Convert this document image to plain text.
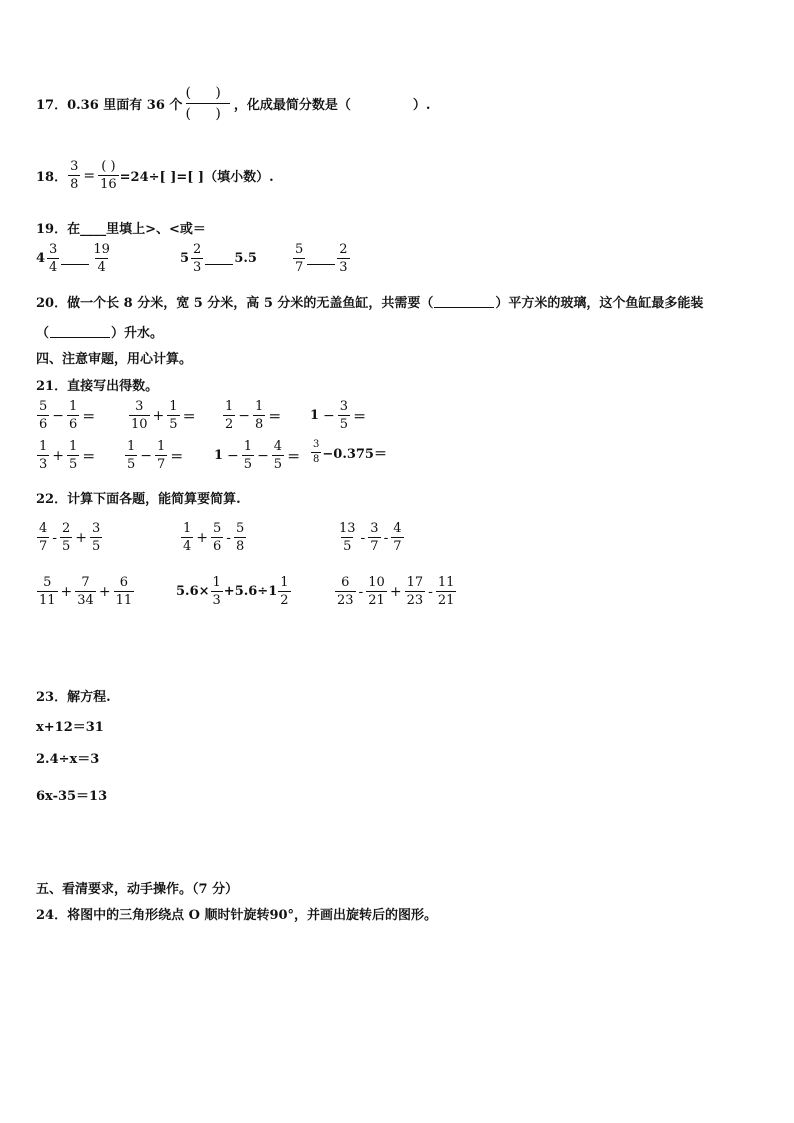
17． 0.36 里面有 36 个 $\frac{( )}{( )}$ ，化成最简分数是（	）.
18． $\frac{3}{8} = \frac{( )}{16} =24\div$[ ]=[ ]（填小数）.
19． 在____里填上>、<或＝
$4 \frac{3}{4} \frac{19}{4}$	$5 \frac{2}{3} 5.5$	$\frac{5}{7} \frac{2}{3}$
20． 做一个长 8 分米，宽 5 分米，高 5 分米的无盖鱼缸，共需要（	）平方米的玻璃，这个鱼缸最多能装
（	）升水。
四、注意审题，用心计算。
21． 直接写出得数。
$\frac{5}{6} - \frac{1}{6}$ ＝	$\frac{3}{10} + \frac{1}{5} = \frac{1}{2} - \frac{1}{8} = 1 - \frac{3}{5}$ ＝
$\frac{1}{3} + \frac{1}{5} = \frac{1}{5} - \frac{1}{7} = 1 - \frac{1}{5} - \frac{4}{5} = \frac{3}{8} -0.375=$
22． 计算下面各题，能简算要简算.
$\frac{4}{7} - \frac{2}{5} + \frac{3}{5}$	$\frac{1}{4} + \frac{5}{6} - \frac{5}{8}$	$\frac{13}{5} - \frac{3}{7} - \frac{4}{7}$
$\frac{5}{11} + \frac{7}{34} + \frac{6}{11}$	$5.6\times \frac{1}{3} +5.6\div 1 \frac{1}{2}$	$\frac{6}{23} - \frac{10}{21} + \frac{17}{23} - \frac{11}{21}$
23． 解方程.
x+12＝31
2.4÷x＝3
6x-35＝13
五、看清要求，动手操作。（7 分）
24． 将图中的三角形绕点 O 顺时针旋转90°，并画出旋转后的图形。
